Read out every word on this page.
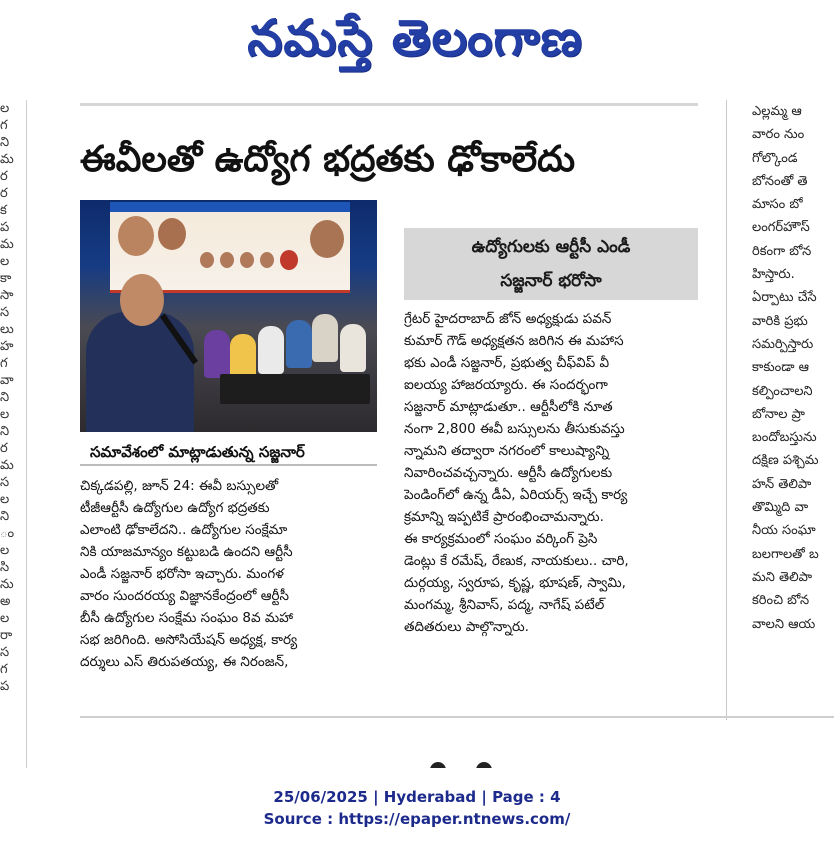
నమస్తే తెలంగాణ
ల
గ
ని
మ
ర
ర
క
ప
మ
ల
కా
సా
స
లు
హ
గ
వా
ని
ల
ని
ర
మ
స
ల
ని
ం
ల
సి
ను
అ
ల
రా
స
గ
ప
ఈవీలతో ఉద్యోగ భద్రతకు ఢోకాలేదు
సమావేశంలో మాట్లాడుతున్న సజ్జనార్
ఉద్యోగులకు ఆర్టీసీ ఎండీ
సజ్జనార్ భరోసా
చిక్కడపల్లి, జూన్ 24: ఈవీ బస్సులతో
టీజీఆర్టీసీ ఉద్యోగుల ఉద్యోగ భద్రతకు
ఎలాంటి ఢోకాలేదని.. ఉద్యోగుల సంక్షేమా
నికి యాజమాన్యం కట్టుబడి ఉందని ఆర్టీసీ
ఎండీ సజ్జనార్ భరోసా ఇచ్చారు. మంగళ
వారం సుందరయ్య విజ్ఞానకేంద్రంలో ఆర్టీసీ
బీసీ ఉద్యోగుల సంక్షేమ సంఘం 8వ మహా
సభ జరిగింది. అసోసియేషన్ అధ్యక్ష, కార్య
దర్శులు ఎస్ తిరుపతయ్య, ఈ నిరంజన్,
గ్రేటర్ హైదరాబాద్ జోన్ అధ్యక్షుడు పవన్
కుమార్ గౌడ్ అధ్యక్షతన జరిగిన ఈ మహాస
భకు ఎండీ సజ్జనార్, ప్రభుత్వ చీఫ్‌విప్ వీ
ఐలయ్య హాజరయ్యారు. ఈ సందర్భంగా
సజ్జనార్ మాట్లాడుతూ.. ఆర్టీసీలోకి నూత
నంగా 2,800 ఈవీ బస్సులను తీసుకువస్తు
న్నామని తద్వారా నగరంలో కాలుష్యాన్ని
నివారించవచ్చన్నారు. ఆర్టీసీ ఉద్యోగులకు
పెండింగ్‌లో ఉన్న డీఏ, ఏరియర్స్ ఇచ్చే కార్య
క్రమాన్ని ఇప్పటికే ప్రారంభించామన్నారు.
ఈ కార్యక్రమంలో సంఘం వర్కింగ్ ప్రెసి
డెంట్లు కే రమేష్, రేణుక, నాయకులు.. చారి,
దుర్గయ్య, స్వరూప, కృష్ణ, భూషణ్, స్వామి,
మంగమ్మ, శ్రీనివాస్, పద్మ, నాగేష్ పటేల్
తదితరులు పాల్గొన్నారు.
ఎల్లమ్మ ఆ
వారం నుం
గోల్కొండ
బోనంతో తె
మాసం బో
లంగర్‌హౌస్
రికంగా బోన
హిస్తారు.
ఏర్పాటు చేసే
వారికి ప్రభు
సమర్పిస్తారు
కాకుండా ఆ
కల్పించాలని
బోనాల ప్రా
బందోబస్తును
దక్షిణ పశ్చిమ
హన్ తెలిపా
తొమ్మిది వా
నీయ సంఘా
బలగాలతో బ
మని తెలిపా
కరించి బోన
వాలని ఆయ
25/06/2025 | Hyderabad | Page : 4
Source : https://epaper.ntnews.com/
